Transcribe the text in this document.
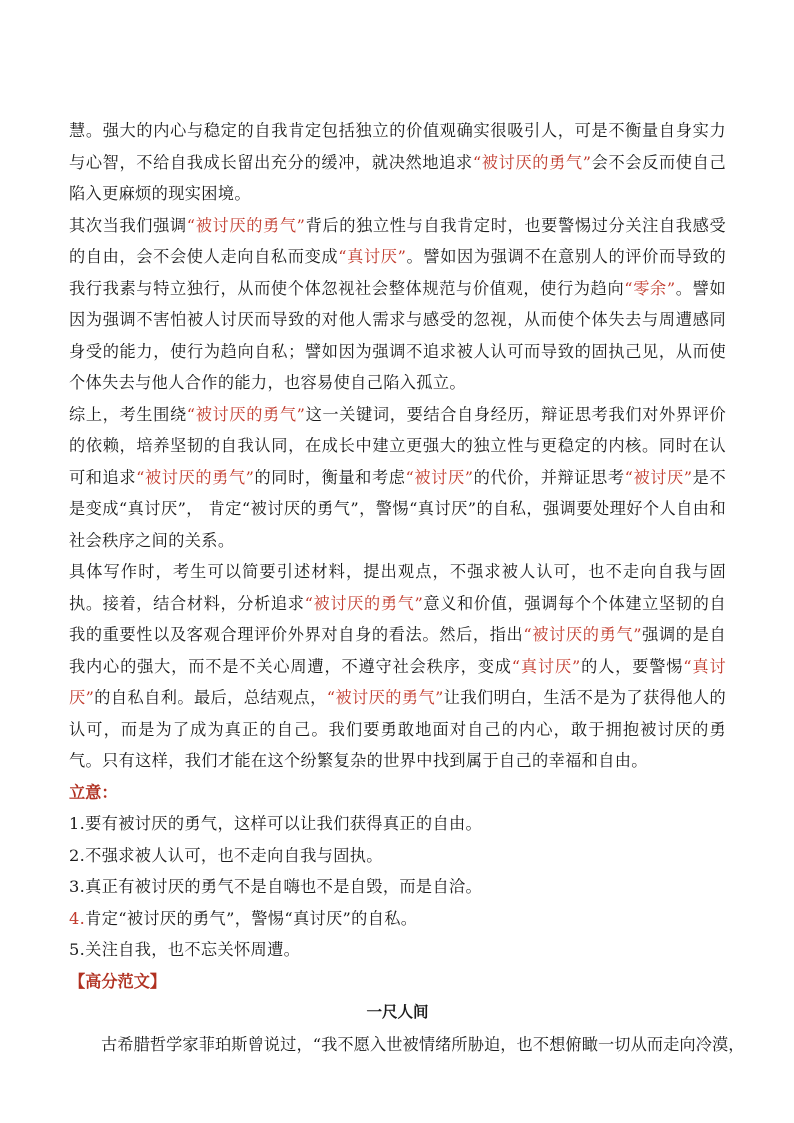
慧。强大的内心与稳定的自我肯定包括独立的价值观确实很吸引人，可是不衡量自身实力与心智，不给自我成长留出充分的缓冲，就决然地追求“被讨厌的勇气”会不会反而使自己陷入更麻烦的现实困境。

其次当我们强调“被讨厌的勇气”背后的独立性与自我肯定时，也要警惕过分关注自我感受的自由，会不会使人走向自私而变成“真讨厌”。譬如因为强调不在意别人的评价而导致的我行我素与特立独行，从而使个体忽视社会整体规范与价值观，使行为趋向“零余”。譬如因为强调不害怕被人讨厌而导致的对他人需求与感受的忽视，从而使个体失去与周遭感同身受的能力，使行为趋向自私；譬如因为强调不追求被人认可而导致的固执己见，从而使个体失去与他人合作的能力，也容易使自己陷入孤立。

综上，考生围绕“被讨厌的勇气”这一关键词，要结合自身经历，辩证思考我们对外界评价的依赖，培养坚韧的自我认同，在成长中建立更强大的独立性与更稳定的内核。同时在认可和追求“被讨厌的勇气”的同时，衡量和考虑“被讨厌”的代价，并辩证思考“被讨厌”是不是变成“真讨厌”， 肯定“被讨厌的勇气”，警惕“真讨厌”的自私，强调要处理好个人自由和社会秩序之间的关系。

具体写作时，考生可以简要引述材料，提出观点，不强求被人认可，也不走向自我与固执。接着，结合材料，分析追求“被讨厌的勇气”意义和价值，强调每个个体建立坚韧的自我的重要性以及客观合理评价外界对自身的看法。然后，指出“被讨厌的勇气”强调的是自我内心的强大，而不是不关心周遭，不遵守社会秩序，变成“真讨厌”的人，要警惕“真讨厌”的自私自利。最后，总结观点，“被讨厌的勇气”让我们明白，生活不是为了获得他人的认可，而是为了成为真正的自己。我们要勇敢地面对自己的内心，敢于拥抱被讨厌的勇气。只有这样，我们才能在这个纷繁复杂的世界中找到属于自己的幸福和自由。

立意：

1.要有被讨厌的勇气，这样可以让我们获得真正的自由。

2.不强求被人认可，也不走向自我与固执。

3.真正有被讨厌的勇气不是自嗨也不是自毁，而是自洽。

4.肯定“被讨厌的勇气”，警惕“真讨厌”的自私。

5.关注自我，也不忘关怀周遭。

【高分范文】

一尺人间

古希腊哲学家菲珀斯曾说过，“我不愿入世被情绪所胁迫，也不想俯瞰一切从而走向冷漠，
